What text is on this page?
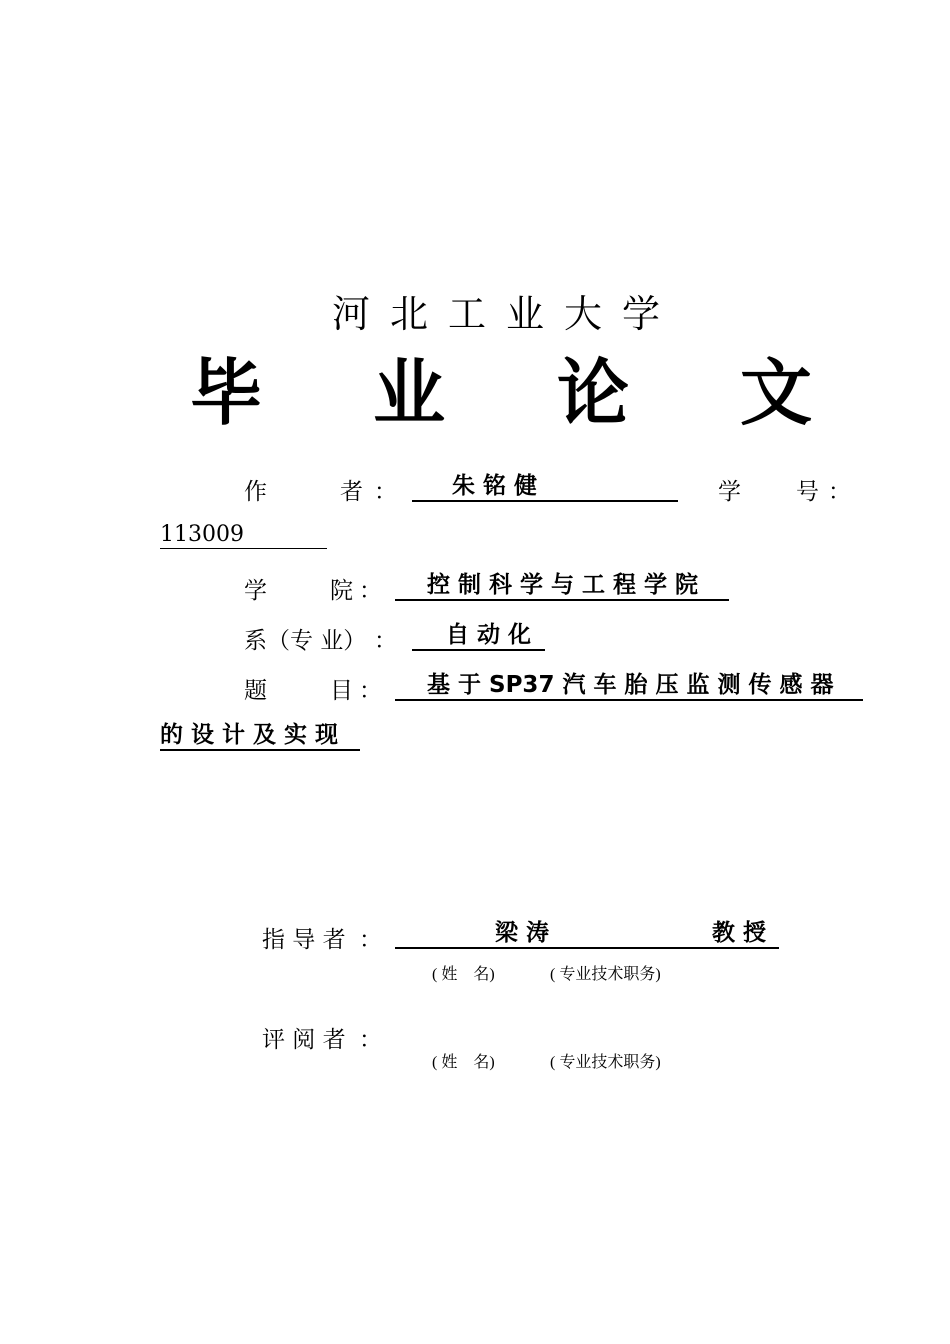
河北工业大学
毕 业 论 文
作	者 ：	朱 铭 健	学 号 ：
113009
学	院 ：	控 制 科 学 与 工 程 学 院
系（专 业） ：	自 动 化
题	目 ：	基 于 SP37 汽 车 胎 压 监 测 传 感 器
的 设 计 及 实 现
指 导 者 ：	梁 涛	教 授
( 姓　名)	( 专业技术职务)
评 阅 者 ：
( 姓　名)	( 专业技术职务)
